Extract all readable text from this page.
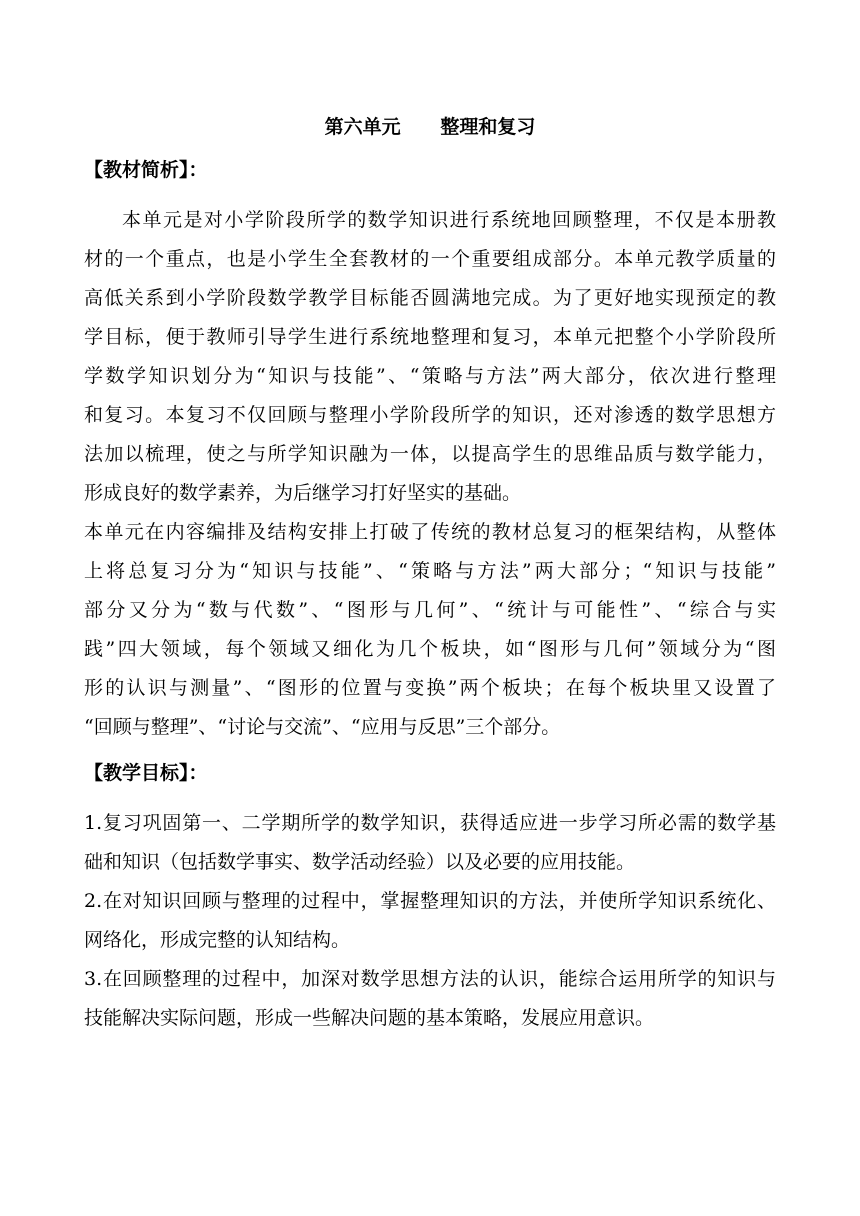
第六单元      整理和复习
【教材简析】：
本单元是对小学阶段所学的数学知识进行系统地回顾整理，不仅是本册教
材的一个重点，也是小学生全套教材的一个重要组成部分。本单元教学质量的
高低关系到小学阶段数学教学目标能否圆满地完成。为了更好地实现预定的教
学目标，便于教师引导学生进行系统地整理和复习，本单元把整个小学阶段所
学数学知识划分为“知识与技能”、“策略与方法”两大部分，依次进行整理
和复习。本复习不仅回顾与整理小学阶段所学的知识，还对渗透的数学思想方
法加以梳理，使之与所学知识融为一体，以提高学生的思维品质与数学能力，
形成良好的数学素养，为后继学习打好坚实的基础。
本单元在内容编排及结构安排上打破了传统的教材总复习的框架结构，从整体
上将总复习分为“知识与技能”、“策略与方法”两大部分；“知识与技能”
部分又分为“数与代数”、“图形与几何”、“统计与可能性”、“综合与实
践”四大领域，每个领域又细化为几个板块，如“图形与几何”领域分为“图
形的认识与测量”、“图形的位置与变换”两个板块；在每个板块里又设置了
“回顾与整理”、“讨论与交流”、“应用与反思”三个部分。
【教学目标】：
1.复习巩固第一、二学期所学的数学知识，获得适应进一步学习所必需的数学基
础和知识（包括数学事实、数学活动经验）以及必要的应用技能。
2.在对知识回顾与整理的过程中，掌握整理知识的方法，并使所学知识系统化、
网络化，形成完整的认知结构。
3.在回顾整理的过程中，加深对数学思想方法的认识，能综合运用所学的知识与
技能解决实际问题，形成一些解决问题的基本策略，发展应用意识。
